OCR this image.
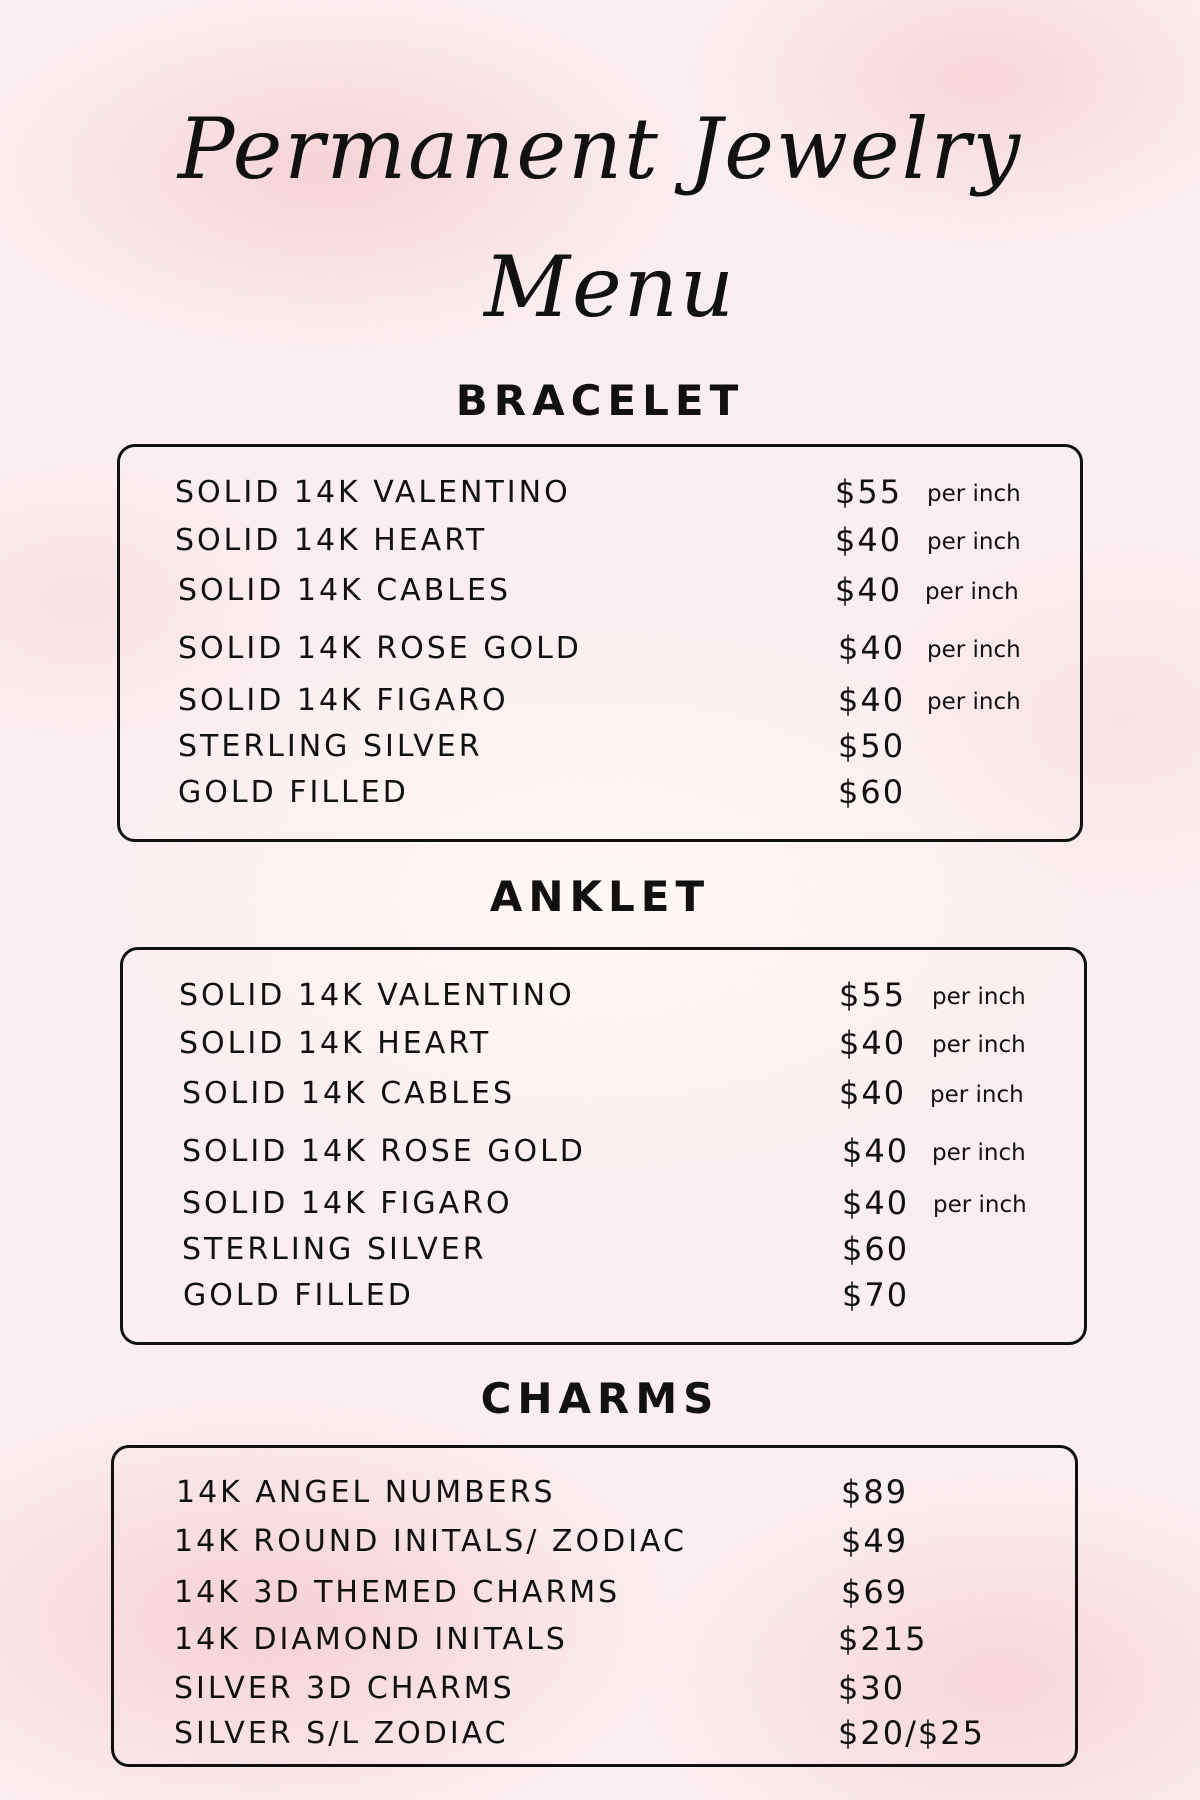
Permanent Jewelry
Menu
BRACELET
SOLID 14K VALENTINO	$55 per inch
SOLID 14K HEART	$40 per inch
SOLID 14K CABLES	$40 per inch
SOLID 14K ROSE GOLD	$40 per inch
SOLID 14K FIGARO	$40 per inch
STERLING SILVER	$50
GOLD FILLED	$60
ANKLET
SOLID 14K VALENTINO	$55 per inch
SOLID 14K HEART	$40 per inch
SOLID 14K CABLES	$40 per inch
SOLID 14K ROSE GOLD	$40 per inch
SOLID 14K FIGARO	$40 per inch
STERLING SILVER	$60
GOLD FILLED	$70
CHARMS
14K ANGEL NUMBERS	$89
14K ROUND INITALS/ ZODIAC	$49
14K 3D THEMED CHARMS	$69
14K DIAMOND INITALS	$215
SILVER 3D CHARMS	$30
SILVER S/L ZODIAC	$20/$25
